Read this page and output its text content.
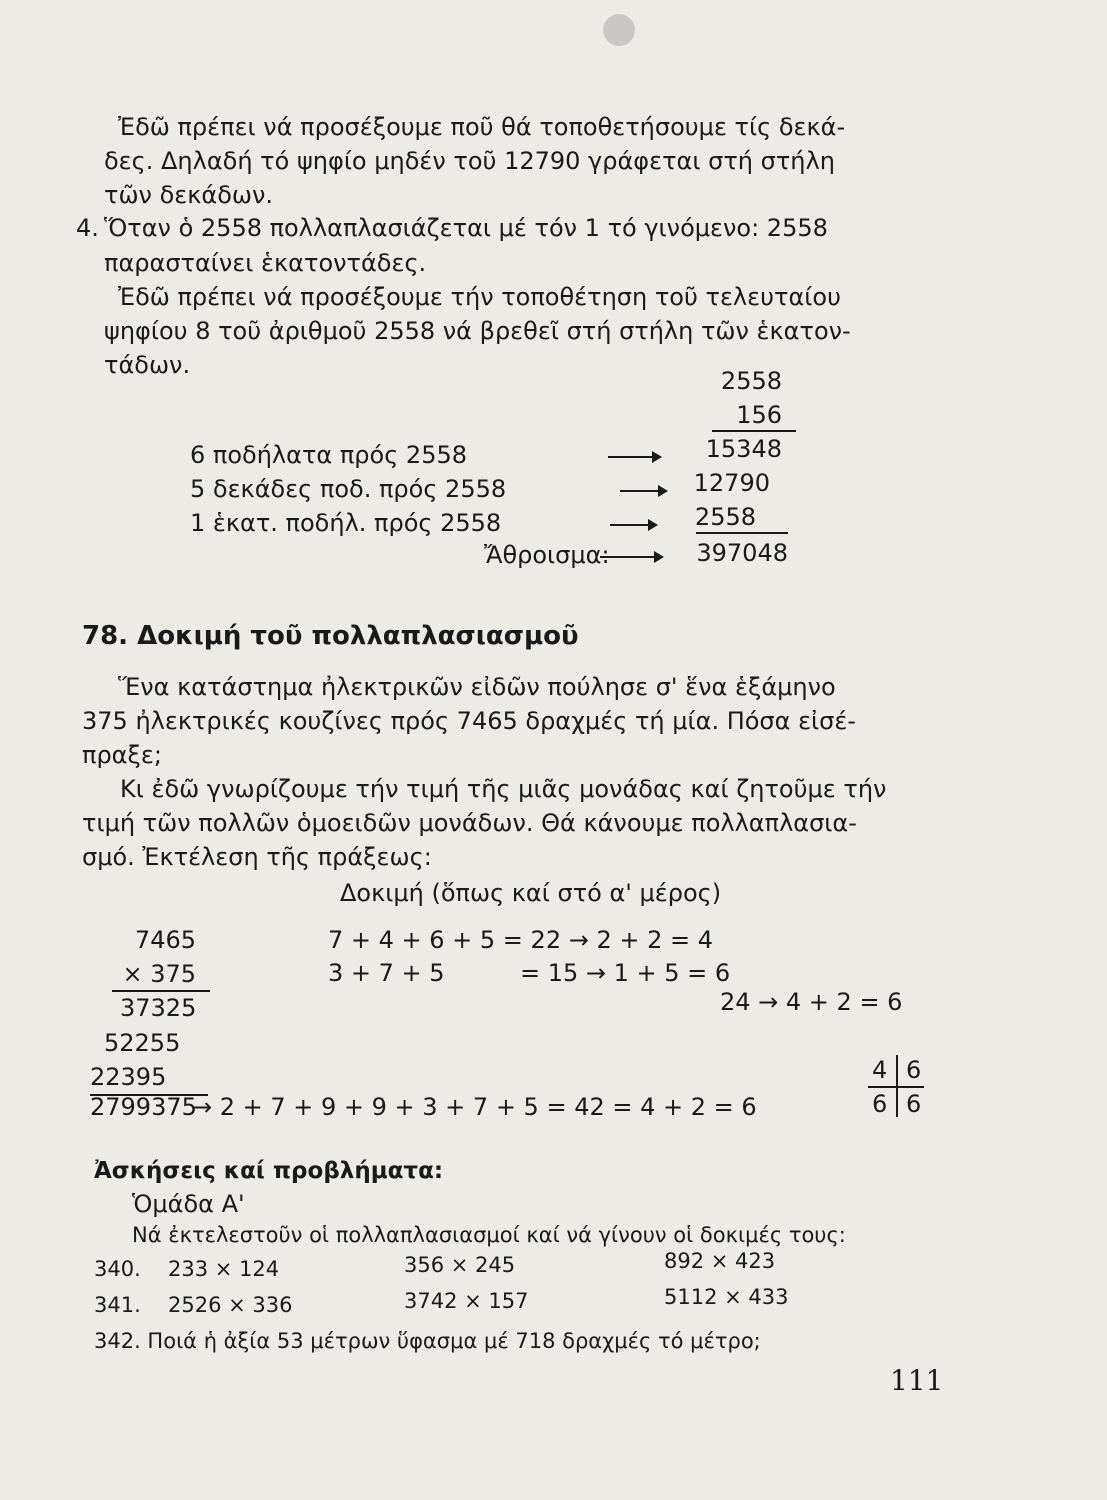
Ἐδῶ πρέπει νά προσέξουμε ποῦ θά τοποθετήσουμε τίς δεκά-
δες. Δηλαδή τό ψηφίο μηδέν τοῦ 12790 γράφεται στή στήλη
τῶν δεκάδων.
4. Ὅταν ὁ 2558 πολλαπλασιάζεται μέ τόν 1 τό γινόμενο: 2558
παρασταίνει ἑκατοντάδες.
Ἐδῶ πρέπει νά προσέξουμε τήν τοποθέτηση τοῦ τελευταίου
ψηφίου 8 τοῦ ἀριθμοῦ 2558 νά βρεθεῖ στή στήλη τῶν ἑκατον-
τάδων.
2558
156
6 ποδήλατα πρός 2558	15348
5 δεκάδες ποδ. πρός 2558	12790
1 ἑκατ. ποδήλ. πρός 2558	2558
Ἄθροισμα:	397048
78. Δοκιμή τοῦ πολλαπλασιασμοῦ
Ἕνα κατάστημα ἠλεκτρικῶν εἰδῶν πούλησε σ' ἕνα ἑξάμηνο
375 ἠλεκτρικές κουζίνες πρός 7465 δραχμές τή μία. Πόσα εἰσέ-
πραξε;
Κι ἐδῶ γνωρίζουμε τήν τιμή τῆς μιᾶς μονάδας καί ζητοῦμε τήν
τιμή τῶν πολλῶν ὁμοειδῶν μονάδων. Θά κάνουμε πολλαπλασια-
σμό. Ἐκτέλεση τῆς πράξεως:
Δοκιμή (ὅπως καί στό α' μέρος)
7465
× 375
37325
52255
22395
2799375
→ 2 + 7 + 9 + 9 + 3 + 7 + 5 = 42 = 4 + 2 = 6
7 + 4 + 6 + 5 = 22 → 2 + 2 = 4
3 + 7 + 5	= 15 → 1 + 5 = 6
24 → 4 + 2 = 6
4 6
6 6
Ἀσκήσεις καί προβλήματα:
Ὁμάδα Α'
Νά ἐκτελεστοῦν οἱ πολλαπλασιασμοί καί νά γίνουν οἱ δοκιμές τους:
340. 233 × 124	356 × 245	892 × 423
341. 2526 × 336	3742 × 157	5112 × 433
342. Ποιά ἡ ἀξία 53 μέτρων ὕφασμα μέ 718 δραχμές τό μέτρο;
111
